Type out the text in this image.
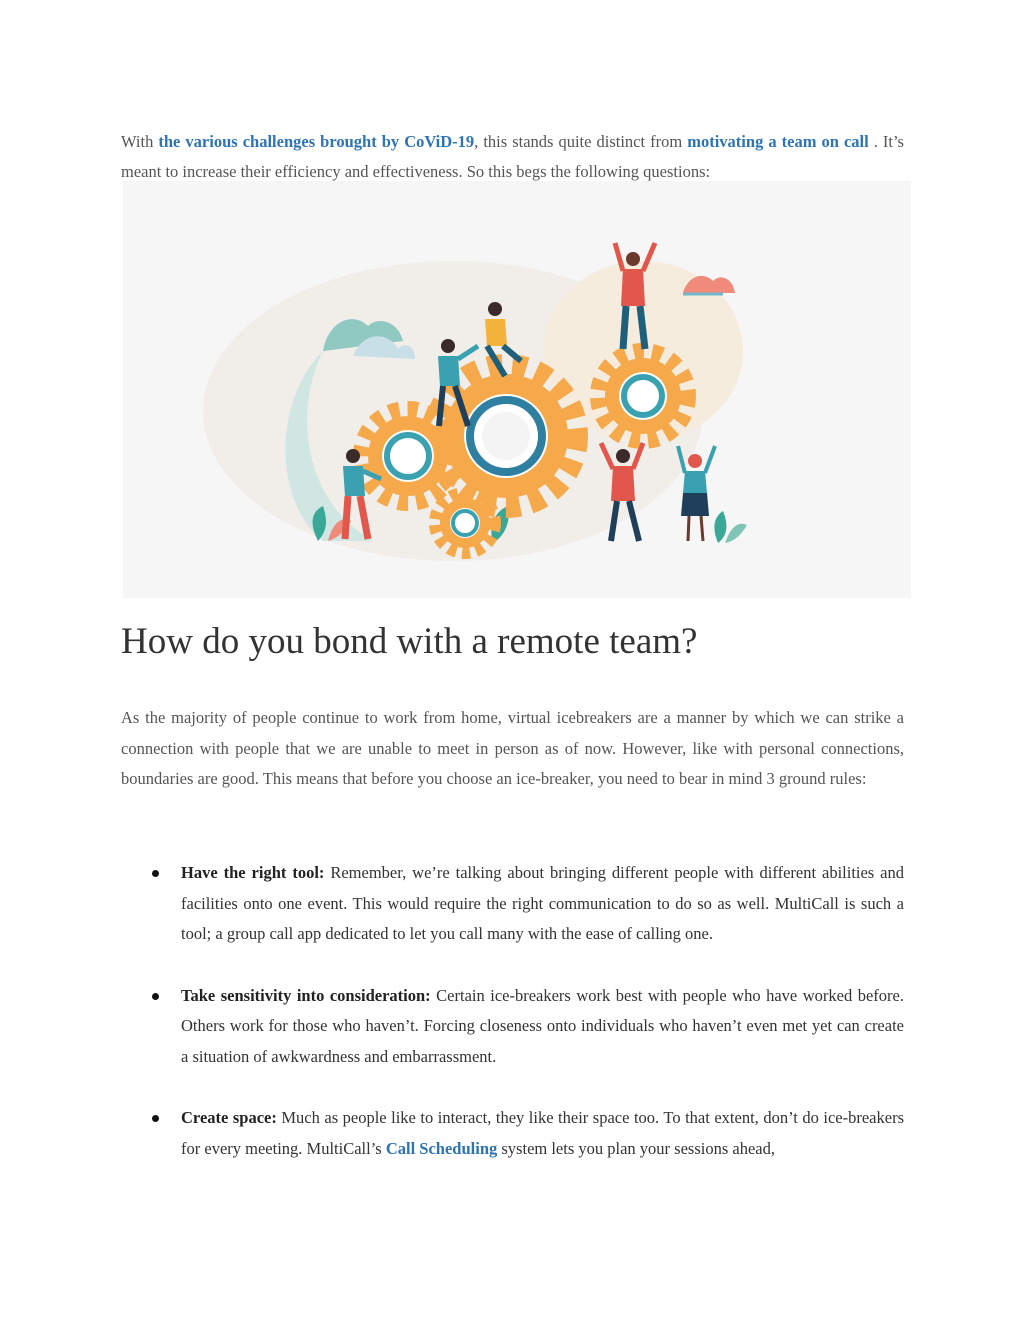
With the various challenges brought by CoViD-19, this stands quite distinct from motivating a team on call . It’s meant to increase their efficiency and effectiveness. So this begs the following questions:

How do you bond with a remote team?

As the majority of people continue to work from home, virtual icebreakers are a manner by which we can strike a connection with people that we are unable to meet in person as of now. However, like with personal connections, boundaries are good. This means that before you choose an ice-breaker, you need to bear in mind 3 ground rules:

Have the right tool: Remember, we’re talking about bringing different people with different abilities and facilities onto one event. This would require the right communication to do so as well. MultiCall is such a tool; a group call app dedicated to let you call many with the ease of calling one.
Take sensitivity into consideration: Certain ice-breakers work best with people who have worked before. Others work for those who haven’t. Forcing closeness onto individuals who haven’t even met yet can create a situation of awkwardness and embarrassment.
Create space: Much as people like to interact, they like their space too. To that extent, don’t do ice-breakers for every meeting. MultiCall’s Call Scheduling system lets you plan your sessions ahead,
